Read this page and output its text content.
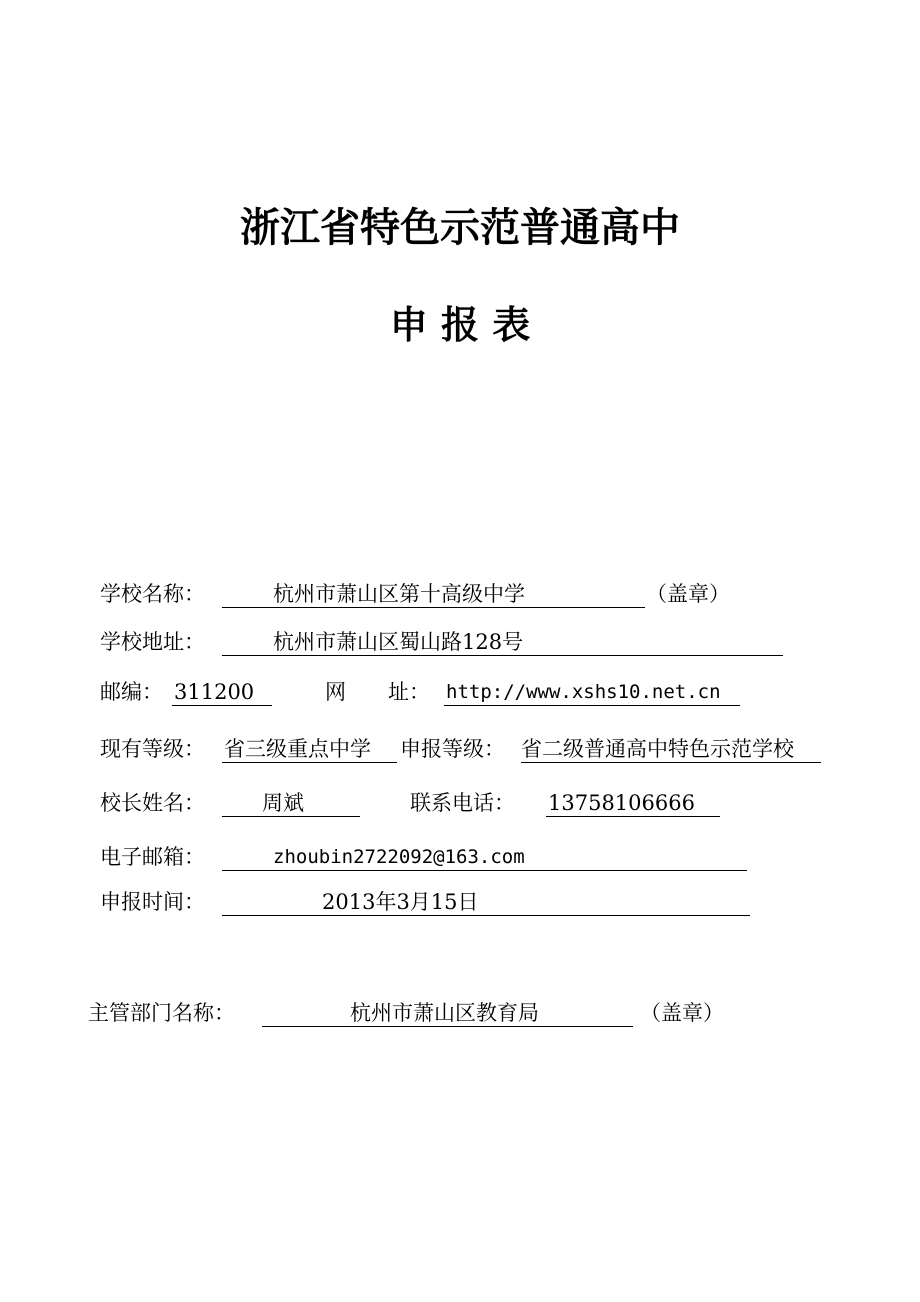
浙江省特色示范普通高中
申 报 表
学校名称：	杭州市萧山区第十高级中学	（盖章）
学校地址：	杭州市萧山区蜀山路128号
邮编： 311200	网　　址： http://www.xshs10.net.cn
现有等级： 省三级重点中学 申报等级： 省二级普通高中特色示范学校
校长姓名：	周斌	联系电话： 13758106666
电子邮箱：	zhoubin2722092@163.com
申报时间：	2013年3月15日
主管部门名称：	杭州市萧山区教育局	（盖章）
